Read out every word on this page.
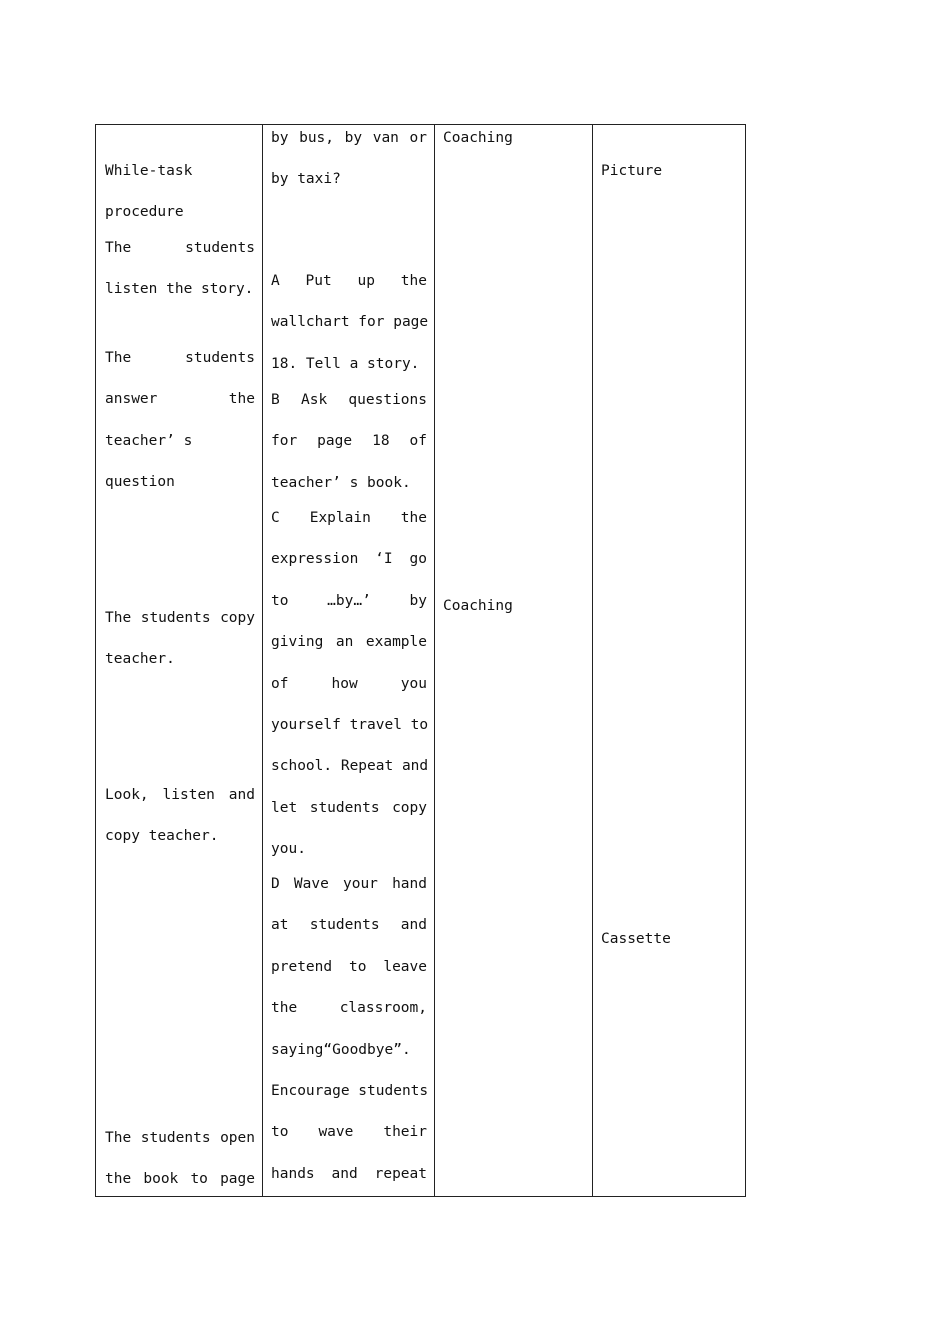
While-task
procedure
The students
listen the story.
The students
answer the
teacher’ s
question
The students copy
teacher.
Look, listen and
copy teacher.
The students open
the book to page
by bus, by van or
by taxi?
A Put up the
wallchart for page
18. Tell a story.
B Ask questions
for page 18 of
teacher’ s book.
C Explain the
expression ‘I go
to …by…’ by
giving an example
of how you
yourself travel to
school. Repeat and
let students copy
you.
D Wave your hand
at students and
pretend to leave
the classroom,
saying“Goodbye”.
Encourage students
to wave their
hands and repeat
Coaching
Coaching
Picture
Cassette
